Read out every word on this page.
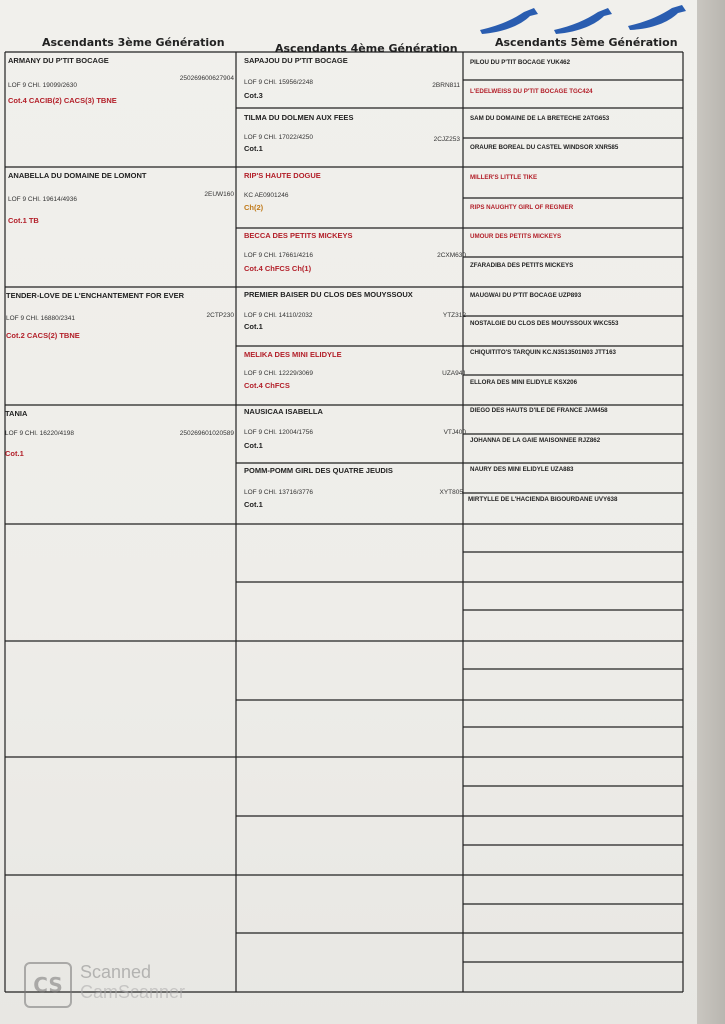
Ascendants 3ème Génération	Ascendants 4ème Génération	Ascendants 5ème Génération
ARMANY DU P'TIT BOCAGE
LOF 9 CHI. 19099/2630
250269600627904
Cot.4 CACIB(2) CACS(3) TBNE
ANABELLA DU DOMAINE DE LOMONT
LOF 9 CHI. 19614/4936
2EUW160
Cot.1 TB
TENDER-LOVE DE L'ENCHANTEMENT FOR EVER
LOF 9 CHI. 16880/2341	2CTP230
Cot.2 CACS(2) TBNE
TANIA
LOF 9 CHI. 16220/4198	250269601020589
Cot.1
SAPAJOU DU P'TIT BOCAGE
LOF 9 CHI. 15956/2248	2BRN811
Cot.3
TILMA DU DOLMEN AUX FEES
LOF 9 CHI. 17022/4250	2CJZ253
Cot.1
RIP'S HAUTE DOGUE
KC AE0901246
Ch(2)
BECCA DES PETITS MICKEYS
LOF 9 CHI. 17661/4216	2CXM630
Cot.4 ChFCS Ch(1)
PREMIER BAISER DU CLOS DES MOUYSSOUX
LOF 9 CHI. 14110/2032	YTZ312
Cot.1
MELIKA DES MINI ELIDYLE
LOF 9 CHI. 12229/3069	UZA941
Cot.4 ChFCS
NAUSICAA ISABELLA
LOF 9 CHI. 12004/1756	VTJ400
Cot.1
POMM-POMM GIRL DES QUATRE JEUDIS
LOF 9 CHI. 13716/3776	XYT805
Cot.1
PILOU DU P'TIT BOCAGE YUK462
L'EDELWEISS DU P'TIT BOCAGE TGC424
SAM DU DOMAINE DE LA BRETECHE 2ATG653
ORAURE BOREAL DU CASTEL WINDSOR XNR585
MILLER'S LITTLE TIKE
RIPS NAUGHTY GIRL OF REGNIER
UMOUR DES PETITS MICKEYS
ZFARADIBA DES PETITS MICKEYS
MAUGWAI DU P'TIT BOCAGE UZP893
NOSTALGIE DU CLOS DES MOUYSSOUX WKC553
CHIQUITITO'S TARQUIN KC.N3513501N03 JTT163
ELLORA DES MINI ELIDYLE KSX206
DIEGO DES HAUTS D'ILE DE FRANCE JAM458
JOHANNA DE LA GAIE MAISONNEE RJZ862
NAURY DES MINI ELIDYLE UZA883
MIRTYLLE DE L'HACIENDA BIGOURDANE UVY638
CS
Scanned
CamScanner
